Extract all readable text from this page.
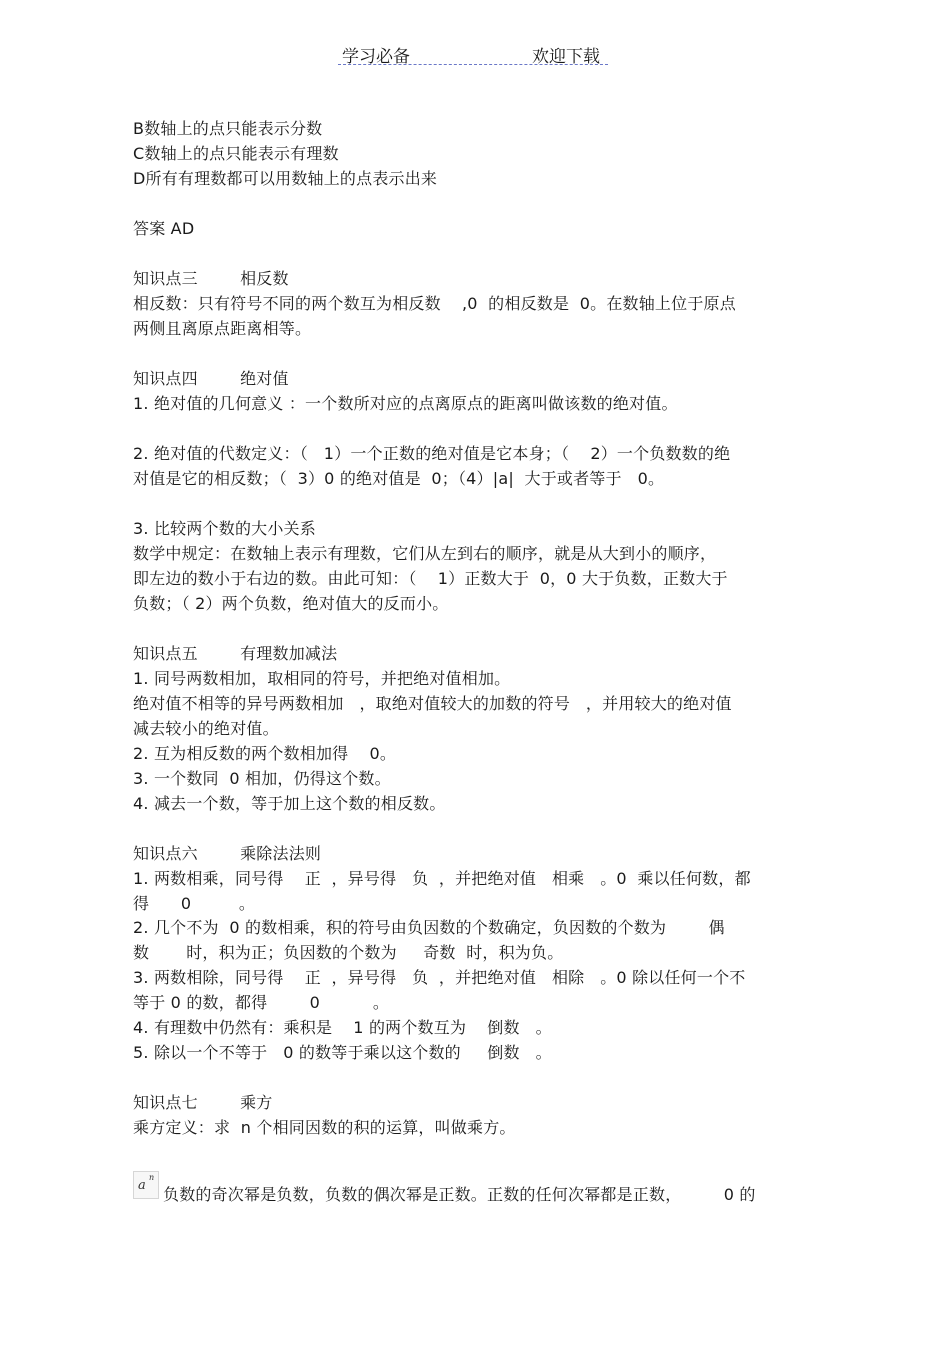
学习必备	欢迎下载
B数轴上的点只能表示分数
C数轴上的点只能表示有理数
D所有有理数都可以用数轴上的点表示出来
答案 AD
知识点三        相反数
相反数：只有符号不同的两个数互为相反数    ,0  的相反数是  0。在数轴上位于原点
两侧且离原点距离相等。
知识点四        绝对值
1. 绝对值的几何意义 ：一个数所对应的点离原点的距离叫做该数的绝对值。
2. 绝对值的代数定义：（   1）一个正数的绝对值是它本身；（    2）一个负数数的绝
对值是它的相反数；（  3）0 的绝对值是  0；（4）|a|  大于或者等于   0。
3. 比较两个数的大小关系
数学中规定：在数轴上表示有理数，它们从左到右的顺序，就是从大到小的顺序，
即左边的数小于右边的数。由此可知：（    1）正数大于  0，0 大于负数，正数大于
负数；（ 2）两个负数，绝对值大的反而小。
知识点五        有理数加减法
1. 同号两数相加，取相同的符号，并把绝对值相加。
绝对值不相等的异号两数相加   ，取绝对值较大的加数的符号   ，并用较大的绝对值
减去较小的绝对值。
2. 互为相反数的两个数相加得    0。
3. 一个数同  0 相加，仍得这个数。
4. 减去一个数，等于加上这个数的相反数。
知识点六        乘除法法则
1. 两数相乘，同号得    正  ，异号得   负  ，并把绝对值   相乘   。0  乘以任何数，都
得      0         。
2. 几个不为  0 的数相乘，积的符号由负因数的个数确定，负因数的个数为        偶
数       时，积为正；负因数的个数为     奇数  时，积为负。
3. 两数相除，同号得    正  ，异号得   负  ，并把绝对值   相除   。0 除以任何一个不
等于 0 的数，都得        0          。
4. 有理数中仍然有：乘积是    1 的两个数互为    倒数   。
5. 除以一个不等于   0 的数等于乘以这个数的     倒数   。
知识点七        乘方
乘方定义：求  n 个相同因数的积的运算，叫做乘方。
a
n
负数的奇次幂是负数，负数的偶次幂是正数。正数的任何次幂都是正数，        0 的
